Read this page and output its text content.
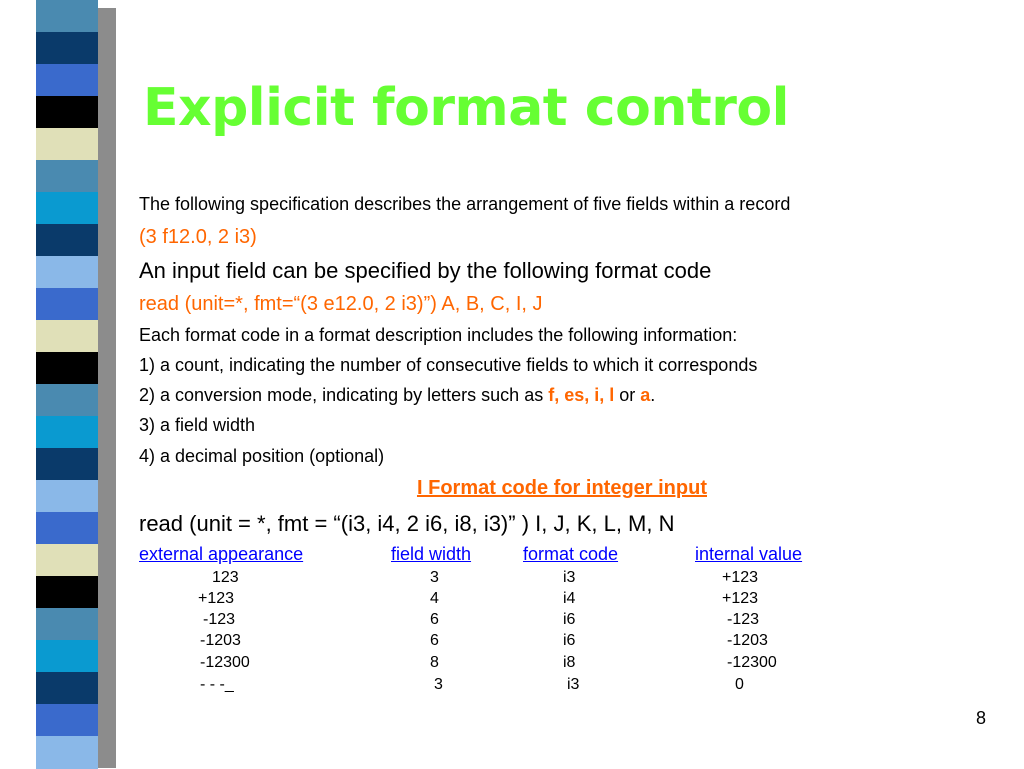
Explicit format control
The following specification describes the arrangement of five fields within a record
(3 f12.0, 2 i3)
An input field can be specified by the following format code
read (unit=*, fmt=“(3 e12.0, 2 i3)”) A, B, C, I, J
Each format code in a format description includes the following information:
1) a count, indicating the number of consecutive fields to which it corresponds
2) a conversion mode, indicating by letters such as f, es, i, l or a.
3) a field width
4) a decimal position (optional)
I Format code for integer input
read (unit = *, fmt = “(i3, i4, 2 i6, i8, i3)” ) I, J, K, L, M, N
external appearance	field width	format code	internal value
123	3	i3	+123
+123	4	i4	+123
-123	6	i6	-123
-1203	6	i6	-1203
-12300	8	i8	-12300
- - -_	3	i3	0
8
